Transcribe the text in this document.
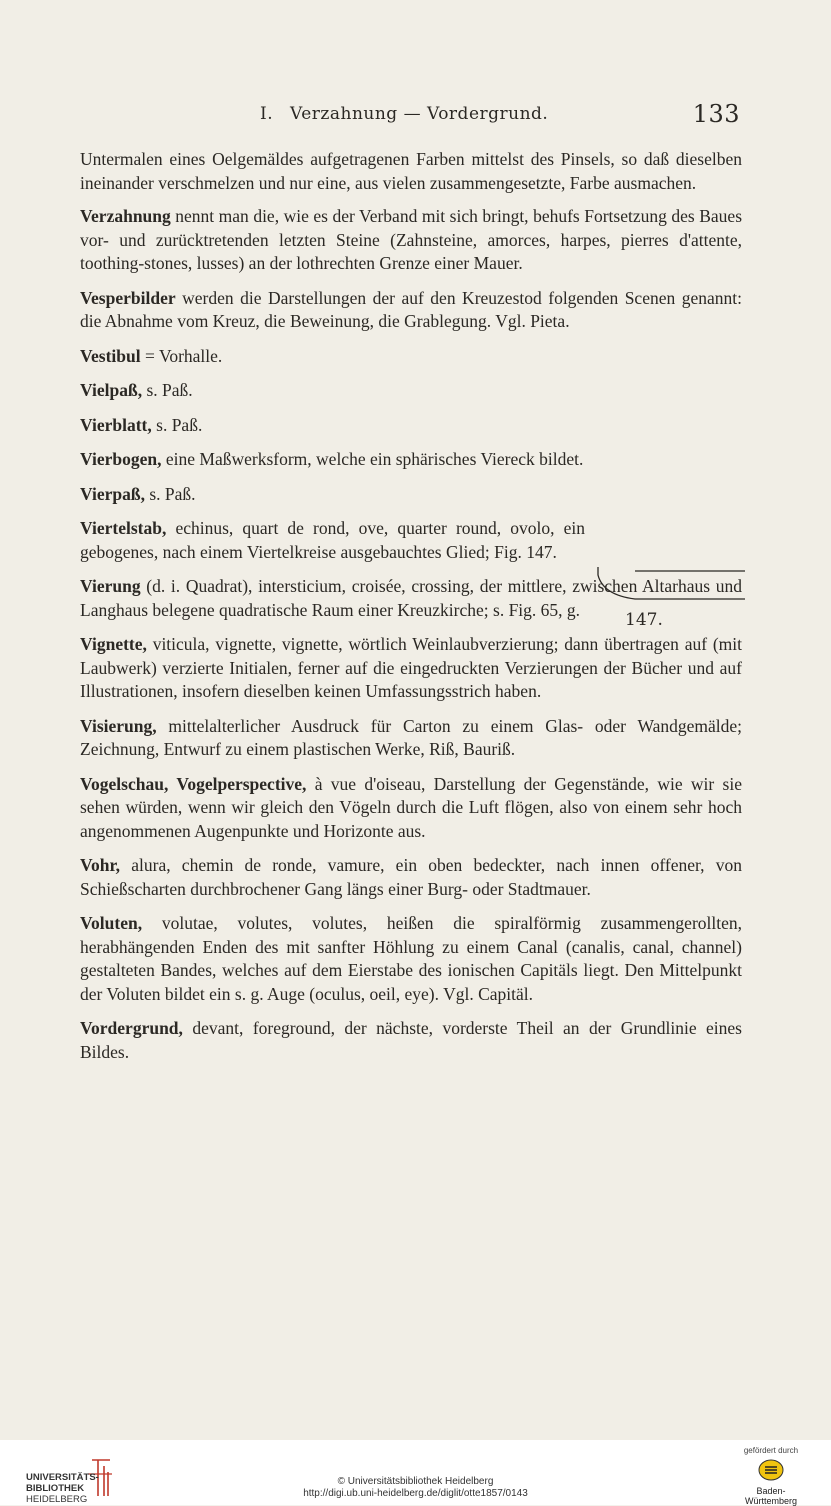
I. Verzahnung — Vordergrund.	133

Untermalen eines Oelgemäldes aufgetragenen Farben mittelst des Pinsels, so daß dieselben ineinander verschmelzen und nur eine, aus vielen zusammengesetzte, Farbe ausmachen.

Verzahnung nennt man die, wie es der Verband mit sich bringt, behufs Fortsetzung des Baues vor- und zurücktretenden letzten Steine (Zahnsteine, amorces, harpes, pierres d'attente, toothing-stones, lusses) an der lothrechten Grenze einer Mauer.

Vesperbilder werden die Darstellungen der auf den Kreuzestod folgenden Scenen genannt: die Abnahme vom Kreuz, die Beweinung, die Grablegung. Vgl. Pieta.

Vestibul = Vorhalle.

Vielpaß, s. Paß.

Vierblatt, s. Paß.

Vierbogen, eine Maßwerksform, welche ein sphärisches Viereck bildet.

Vierpaß, s. Paß.

Viertelstab, echinus, quart de rond, ove, quarter round, ovolo, ein gebogenes, nach einem Viertelkreise ausgebauchtes Glied; Fig. 147.

Vierung (d. i. Quadrat), intersticium, croisée, crossing, der mittlere, zwischen Altarhaus und Langhaus belegene quadratische Raum einer Kreuzkirche; s. Fig. 65, g.

Vignette, viticula, vignette, vignette, wörtlich Weinlaubverzierung; dann übertragen auf (mit Laubwerk) verzierte Initialen, ferner auf die eingedruckten Verzierungen der Bücher und auf Illustrationen, insofern dieselben keinen Umfassungsstrich haben.

Visierung, mittelalterlicher Ausdruck für Carton zu einem Glas- oder Wandgemälde; Zeichnung, Entwurf zu einem plastischen Werke, Riß, Bauriß.

Vogelschau, Vogelperspective, à vue d'oiseau, Darstellung der Gegenstände, wie wir sie sehen würden, wenn wir gleich den Vögeln durch die Luft flögen, also von einem sehr hoch angenommenen Augenpunkte und Horizonte aus.

Vohr, alura, chemin de ronde, vamure, ein oben bedeckter, nach innen offener, von Schießscharten durchbrochener Gang längs einer Burg- oder Stadtmauer.

Voluten, volutae, volutes, volutes, heißen die spiralförmig zusammengerollten, herabhängenden Enden des mit sanfter Höhlung zu einem Canal (canalis, canal, channel) gestalteten Bandes, welches auf dem Eierstabe des ionischen Capitäls liegt. Den Mittelpunkt der Voluten bildet ein s. g. Auge (oculus, oeil, eye). Vgl. Capitäl.

Vordergrund, devant, foreground, der nächste, vorderste Theil an der Grundlinie eines Bildes.

147.
UNIVERSITÄTS-
BIBLIOTHEK
HEIDELBERG
© Universitätsbibliothek Heidelberg
http://digi.ub.uni-heidelberg.de/diglit/otte1857/0143
gefördert durch
Baden-Württemberg
